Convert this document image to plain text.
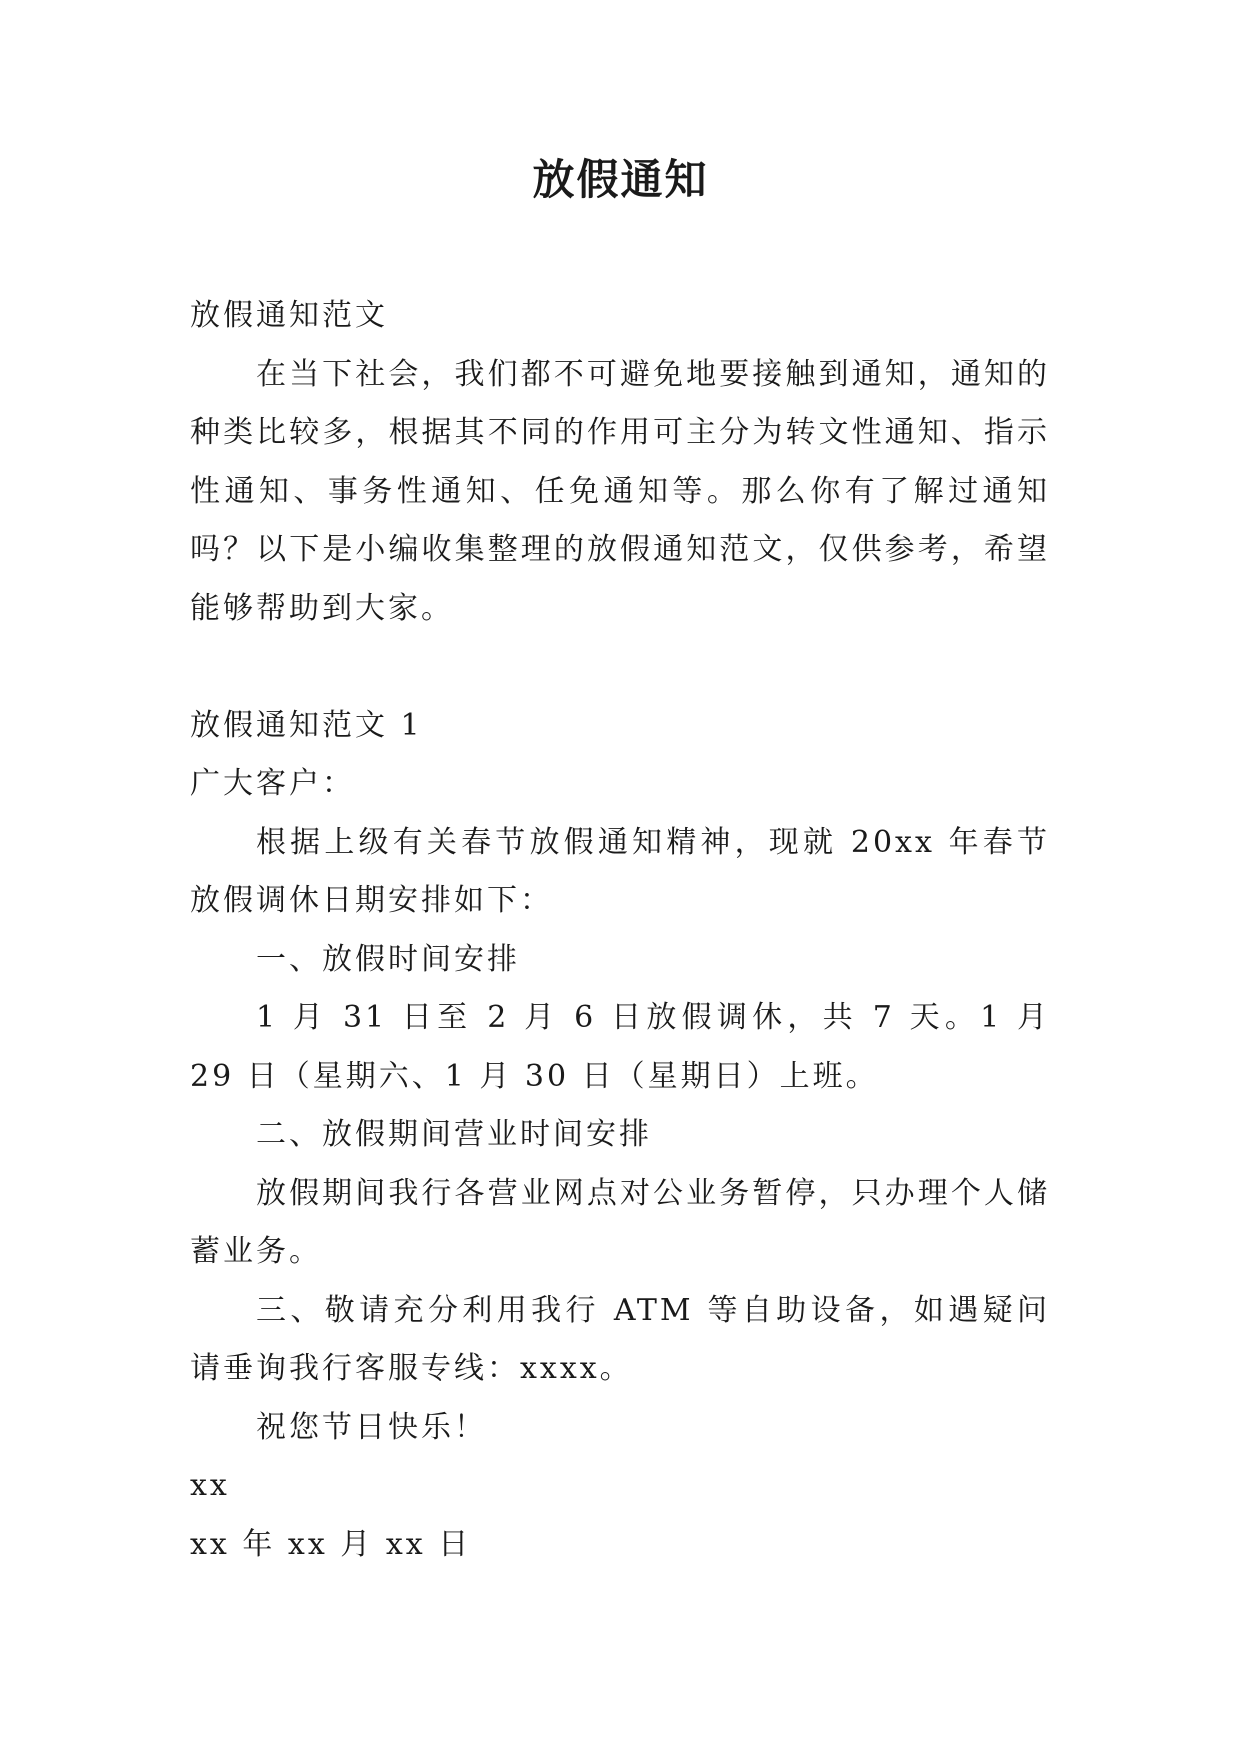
放假通知

放假通知范文

在当下社会，我们都不可避免地要接触到通知，通知的种类比较多，根据其不同的作用可主分为转文性通知、指示性通知、事务性通知、任免通知等。那么你有了解过通知吗？以下是小编收集整理的放假通知范文，仅供参考，希望能够帮助到大家。

放假通知范文 1

广大客户：

根据上级有关春节放假通知精神，现就 20xx 年春节放假调休日期安排如下：

一、放假时间安排

1 月 31 日至 2 月 6 日放假调休，共 7 天。1 月 29 日（星期六、1 月 30 日（星期日）上班。

二、放假期间营业时间安排

放假期间我行各营业网点对公业务暂停，只办理个人储蓄业务。

三、敬请充分利用我行 ATM 等自助设备，如遇疑问请垂询我行客服专线：xxxx。

祝您节日快乐！

xx

xx 年 xx 月 xx 日
